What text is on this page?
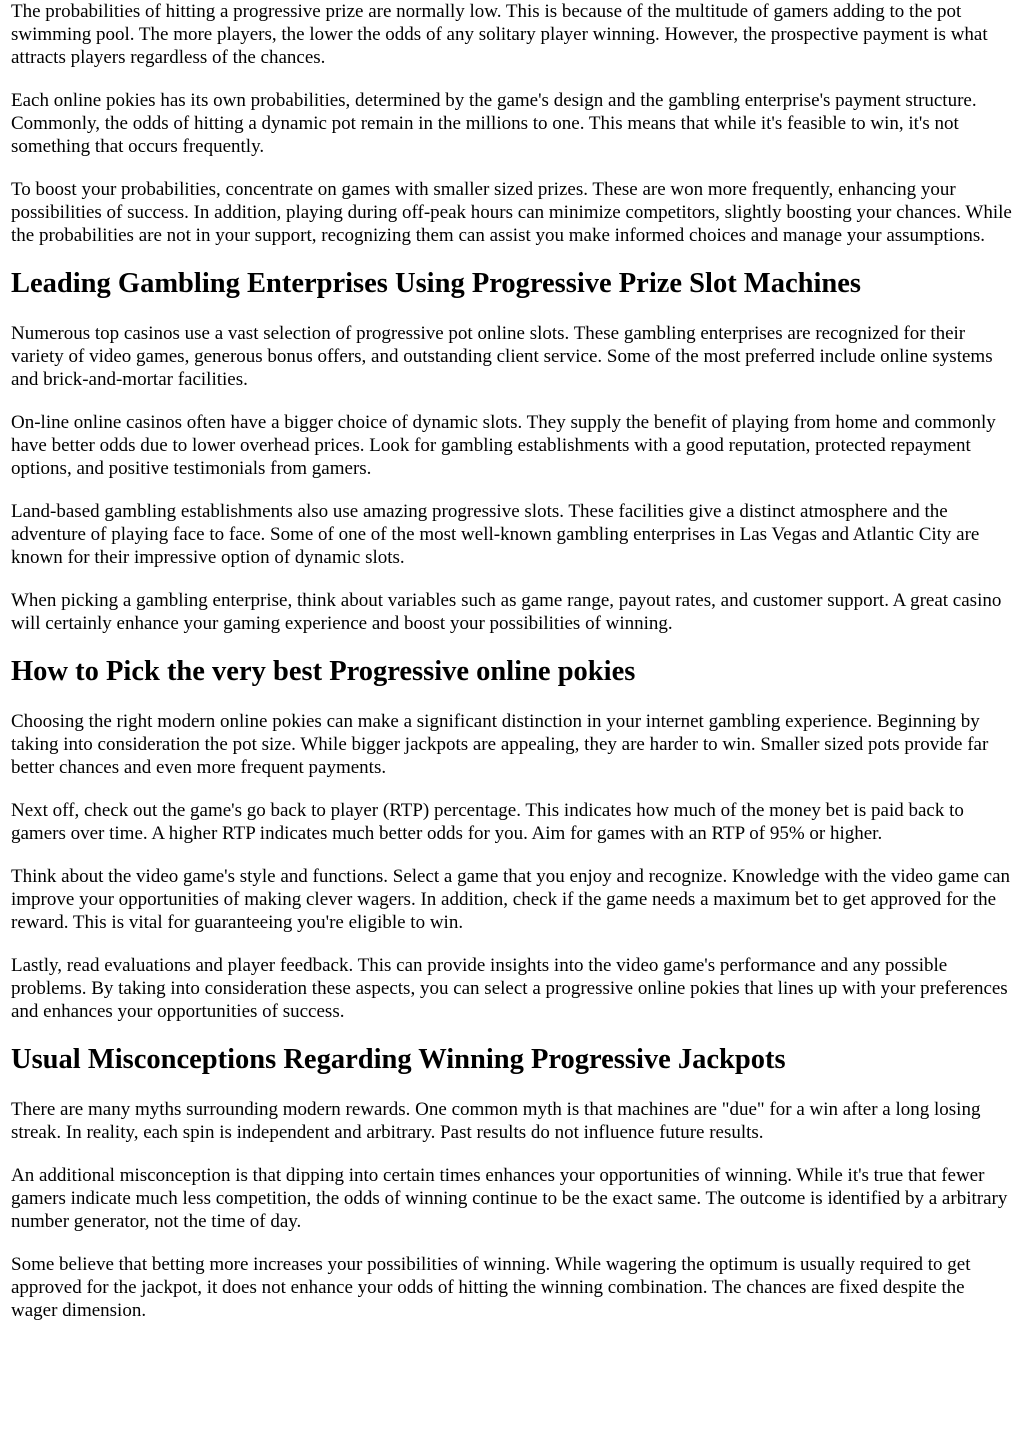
The probabilities of hitting a progressive prize are normally low. This is because of the multitude of gamers adding to the pot swimming pool. The more players, the lower the odds of any solitary player winning. However, the prospective payment is what attracts players regardless of the chances.

Each online pokies has its own probabilities, determined by the game's design and the gambling enterprise's payment structure. Commonly, the odds of hitting a dynamic pot remain in the millions to one. This means that while it's feasible to win, it's not something that occurs frequently.

To boost your probabilities, concentrate on games with smaller sized prizes. These are won more frequently, enhancing your possibilities of success. In addition, playing during off-peak hours can minimize competitors, slightly boosting your chances. While the probabilities are not in your support, recognizing them can assist you make informed choices and manage your assumptions.

Leading Gambling Enterprises Using Progressive Prize Slot Machines

Numerous top casinos use a vast selection of progressive pot online slots. These gambling enterprises are recognized for their variety of video games, generous bonus offers, and outstanding client service. Some of the most preferred include online systems and brick-and-mortar facilities.

On-line online casinos often have a bigger choice of dynamic slots. They supply the benefit of playing from home and commonly have better odds due to lower overhead prices. Look for gambling establishments with a good reputation, protected repayment options, and positive testimonials from gamers.

Land-based gambling establishments also use amazing progressive slots. These facilities give a distinct atmosphere and the adventure of playing face to face. Some of one of the most well-known gambling enterprises in Las Vegas and Atlantic City are known for their impressive option of dynamic slots.

When picking a gambling enterprise, think about variables such as game range, payout rates, and customer support. A great casino will certainly enhance your gaming experience and boost your possibilities of winning.

How to Pick the very best Progressive online pokies

Choosing the right modern online pokies can make a significant distinction in your internet gambling experience. Beginning by taking into consideration the pot size. While bigger jackpots are appealing, they are harder to win. Smaller sized pots provide far better chances and even more frequent payments.

Next off, check out the game's go back to player (RTP) percentage. This indicates how much of the money bet is paid back to gamers over time. A higher RTP indicates much better odds for you. Aim for games with an RTP of 95% or higher.

Think about the video game's style and functions. Select a game that you enjoy and recognize. Knowledge with the video game can improve your opportunities of making clever wagers. In addition, check if the game needs a maximum bet to get approved for the reward. This is vital for guaranteeing you're eligible to win.

Lastly, read evaluations and player feedback. This can provide insights into the video game's performance and any possible problems. By taking into consideration these aspects, you can select a progressive online pokies that lines up with your preferences and enhances your opportunities of success.

Usual Misconceptions Regarding Winning Progressive Jackpots

There are many myths surrounding modern rewards. One common myth is that machines are "due" for a win after a long losing streak. In reality, each spin is independent and arbitrary. Past results do not influence future results.

An additional misconception is that dipping into certain times enhances your opportunities of winning. While it's true that fewer gamers indicate much less competition, the odds of winning continue to be the exact same. The outcome is identified by a arbitrary number generator, not the time of day.

Some believe that betting more increases your possibilities of winning. While wagering the optimum is usually required to get approved for the jackpot, it does not enhance your odds of hitting the winning combination. The chances are fixed despite the wager dimension.
